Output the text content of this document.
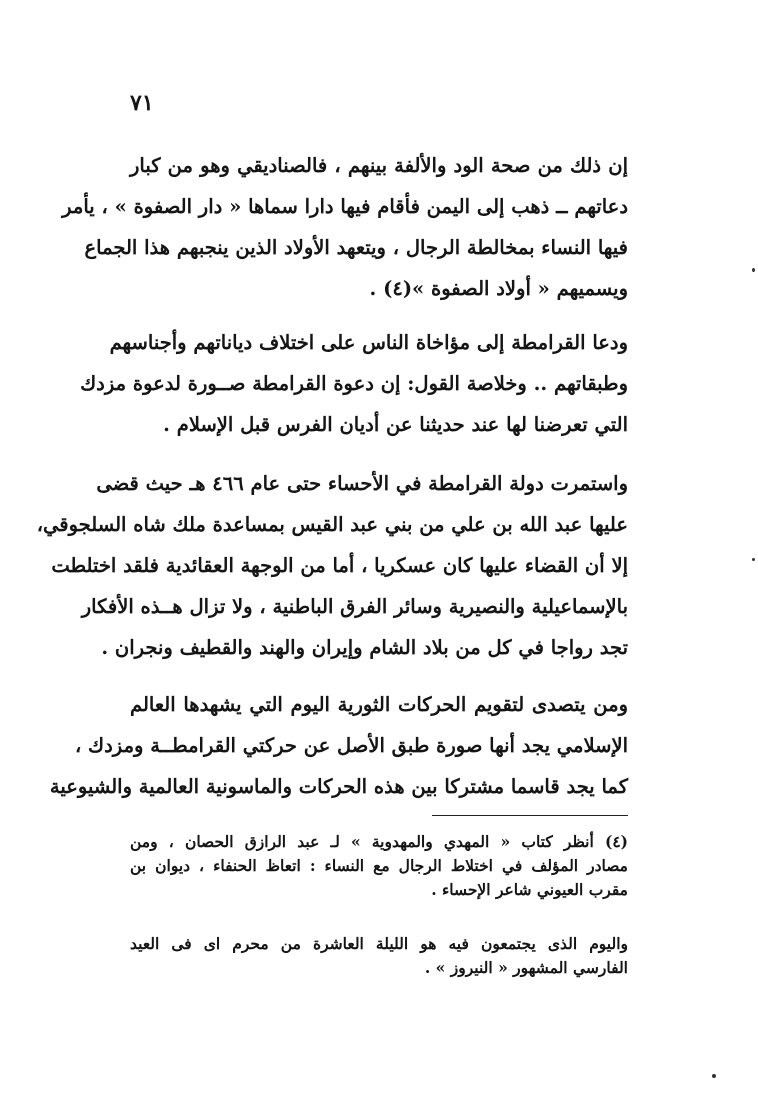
٧١
إن ذلك من صحة الود والألفة بينهم ، فالصناديقي وهو من كبار
دعاتهم ــ ذهب إلى اليمن فأقام فيها دارا سماها « دار الصفوة » ، يأمر
فيها النساء بمخالطة الرجال ، ويتعهد الأولاد الذين ينجبهم هذا الجماع
ويسميهم « أولاد الصفوة »(٤) .
ودعا القرامطة إلى مؤاخاة الناس على اختلاف دياناتهم وأجناسهم
وطبقاتهم .. وخلاصة القول: إن دعوة القرامطة صــورة لدعوة مزدك
التي تعرضنا لها عند حديثنا عن أديان الفرس قبل الإسلام .
واستمرت دولة القرامطة في الأحساء حتى عام ٤٦٦ هـ حيث قضى
عليها عبد الله بن علي من بني عبد القيس بمساعدة ملك شاه السلجوقي،
إلا أن القضاء عليها كان عسكريا ، أما من الوجهة العقائدية فلقد اختلطت
بالإسماعيلية والنصيرية وسائر الفرق الباطنية ، ولا تزال هــذه الأفكار
تجد رواجا في كل من بلاد الشام وإيران والهند والقطيف ونجران .
ومن يتصدى لتقويم الحركات الثورية اليوم التي يشهدها العالم
الإسلامي يجد أنها صورة طبق الأصل عن حركتي القرامطــة ومزدك ،
كما يجد قاسما مشتركا بين هذه الحركات والماسونية العالمية والشيوعية
(٤) أنظر كتاب « المهدي والمهدوية » لـ عبد الرازق الحصان ، ومن
مصادر المؤلف في اختلاط الرجال مع النساء : اتعاظ الحنفاء ، ديوان بن
مقرب العيوني شاعر الإحساء .
واليوم الذى يجتمعون فيه هو الليلة العاشرة من محرم اى فى العيد
الفارسي المشهور « النيروز » .
